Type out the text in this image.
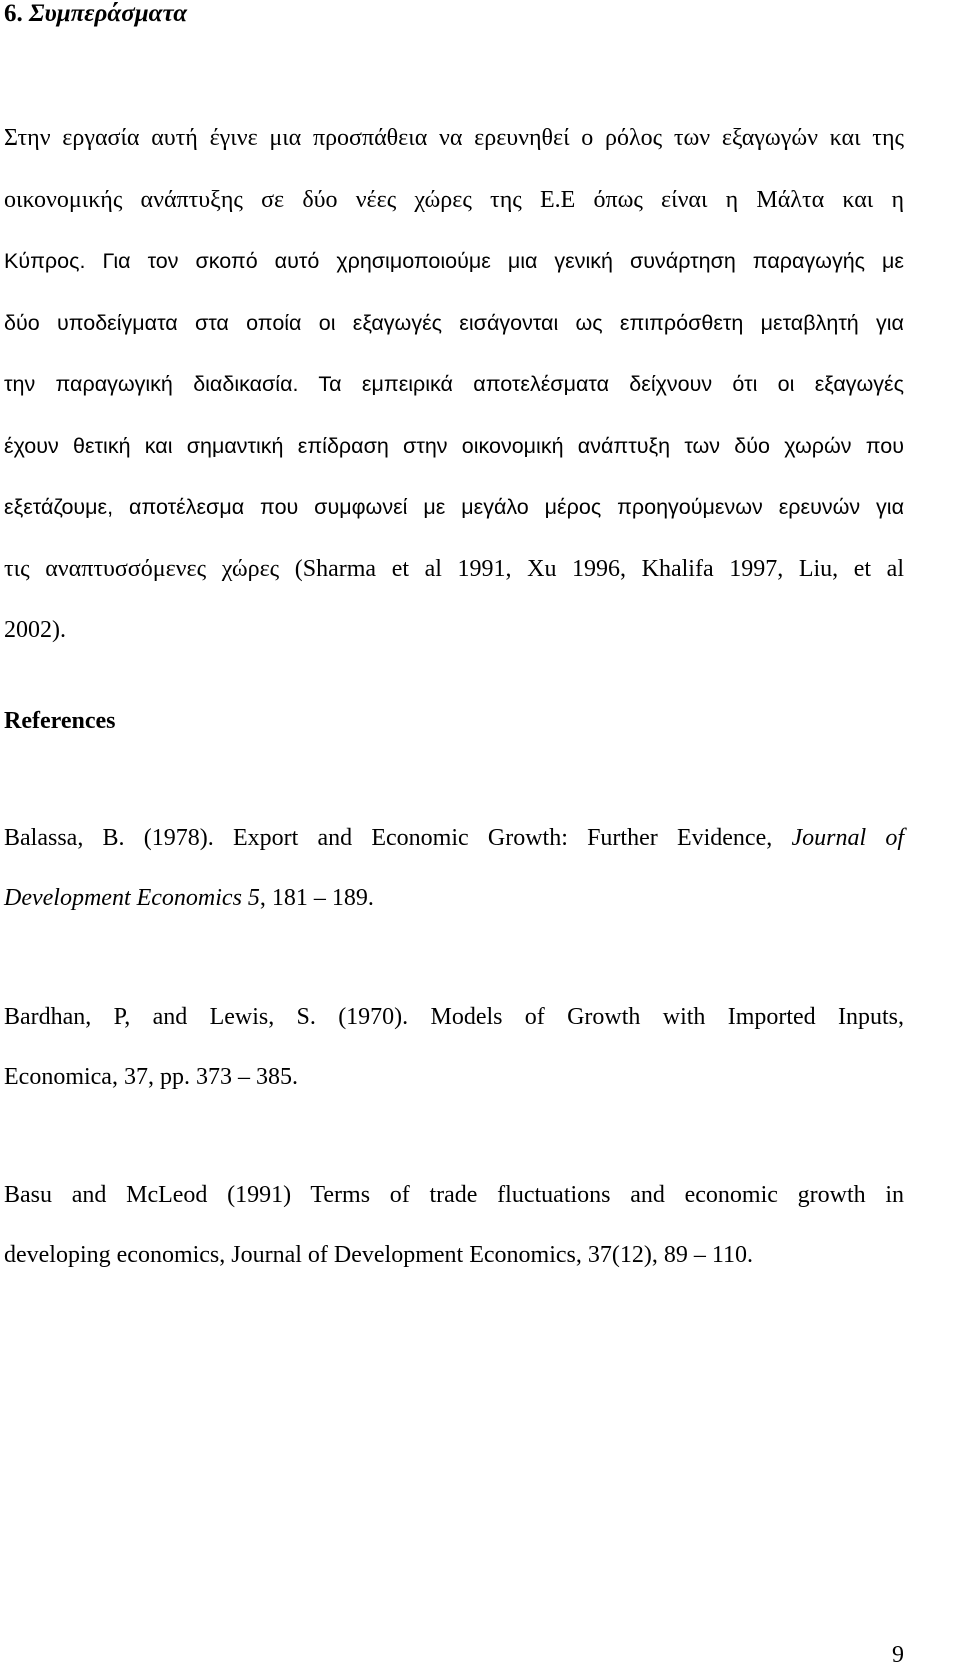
6. Συμπεράσματα

Στην εργασία αυτή έγινε μια προσπάθεια να ερευνηθεί ο ρόλος των εξαγωγών και της
οικονομικής ανάπτυξης σε δύο νέες χώρες της Ε.Ε όπως είναι η Μάλτα και η
Κύπρος. Για τον σκοπό αυτό χρησιμοποιούμε μια γενική συνάρτηση παραγωγής με
δύο υποδείγματα στα οποία οι εξαγωγές εισάγονται ως επιπρόσθετη μεταβλητή για
την παραγωγική διαδικασία. Τα εμπειρικά αποτελέσματα δείχνουν ότι οι εξαγωγές
έχουν θετική και σημαντική επίδραση στην οικονομική ανάπτυξη των δύο χωρών που
εξετάζουμε, αποτέλεσμα που συμφωνεί με μεγάλο μέρος προηγούμενων ερευνών για
τις αναπτυσσόμενες χώρες (Sharma et al 1991, Xu 1996, Khalifa 1997, Liu, et al
2002).

References

Balassa, B. (1978). Export and Economic Growth: Further Evidence, Journal of
Development Economics 5, 181 – 189.

Bardhan, P, and Lewis, S. (1970). Models of Growth with Imported Inputs,
Economica, 37, pp. 373 – 385.

Basu and McLeod (1991) Terms of trade fluctuations and economic growth in
developing economics, Journal of Development Economics, 37(12), 89 – 110.

9
